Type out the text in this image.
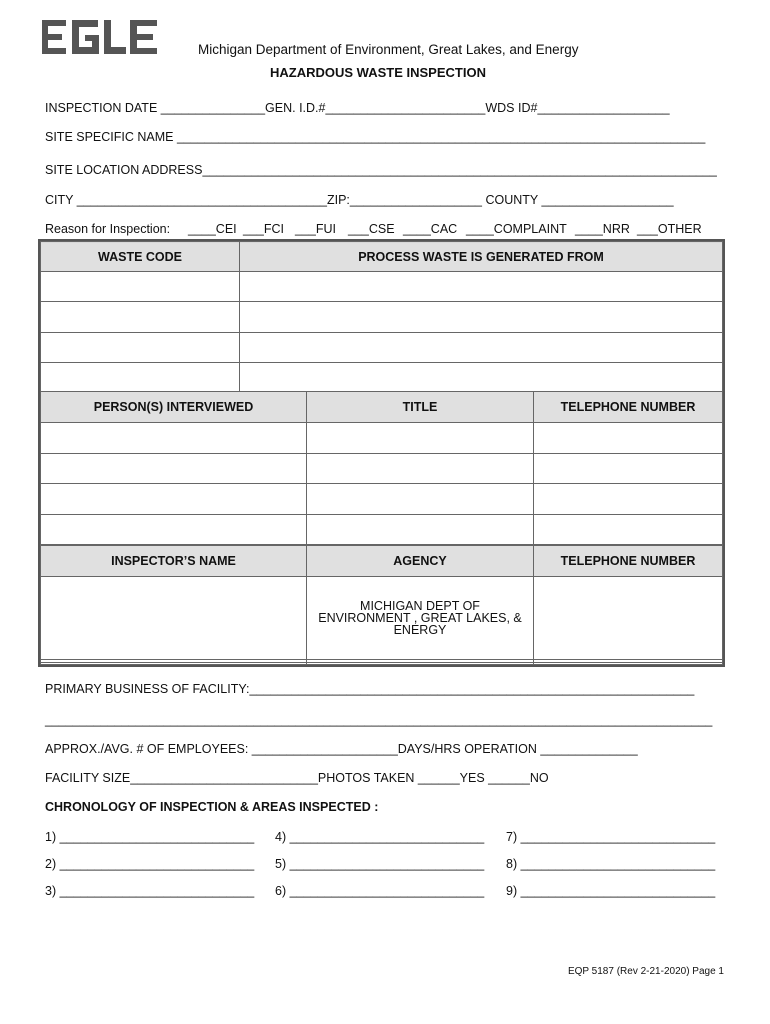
Michigan Department of Environment, Great Lakes, and Energy
HAZARDOUS WASTE INSPECTION
INSPECTION DATE _______________GEN. I.D.#_______________________WDS ID#___________________
SITE SPECIFIC NAME ____________________________________________________________________________
SITE LOCATION ADDRESS__________________________________________________________________________
CITY ____________________________________ZIP:___________________ COUNTY ___________________
Reason for Inspection: ____CEI ___FCI ___FUI ___CSE ____CAC ____COMPLAINT ____NRR ___OTHER
WASTE CODE	PROCESS WASTE IS GENERATED FROM

PERSON(S) INTERVIEWED	TITLE	TELEPHONE NUMBER

INSPECTOR’S NAME	AGENCY	TELEPHONE NUMBER

	MICHIGAN DEPT OF
ENVIRONMENT , GREAT LAKES, & ENERGY	

PRIMARY BUSINESS OF FACILITY:________________________________________________________________
________________________________________________________________________________________________
APPROX./AVG. # OF EMPLOYEES: _____________________DAYS/HRS OPERATION ______________
FACILITY SIZE___________________________PHOTOS TAKEN ______YES ______NO
CHRONOLOGY OF INSPECTION & AREAS INSPECTED :
1) ____________________________ 4) ____________________________ 7) ____________________________
2) ____________________________ 5) ____________________________ 8) ____________________________
3) ____________________________ 6) ____________________________ 9) ____________________________
EQP 5187 (Rev 2-21-2020) Page 1
